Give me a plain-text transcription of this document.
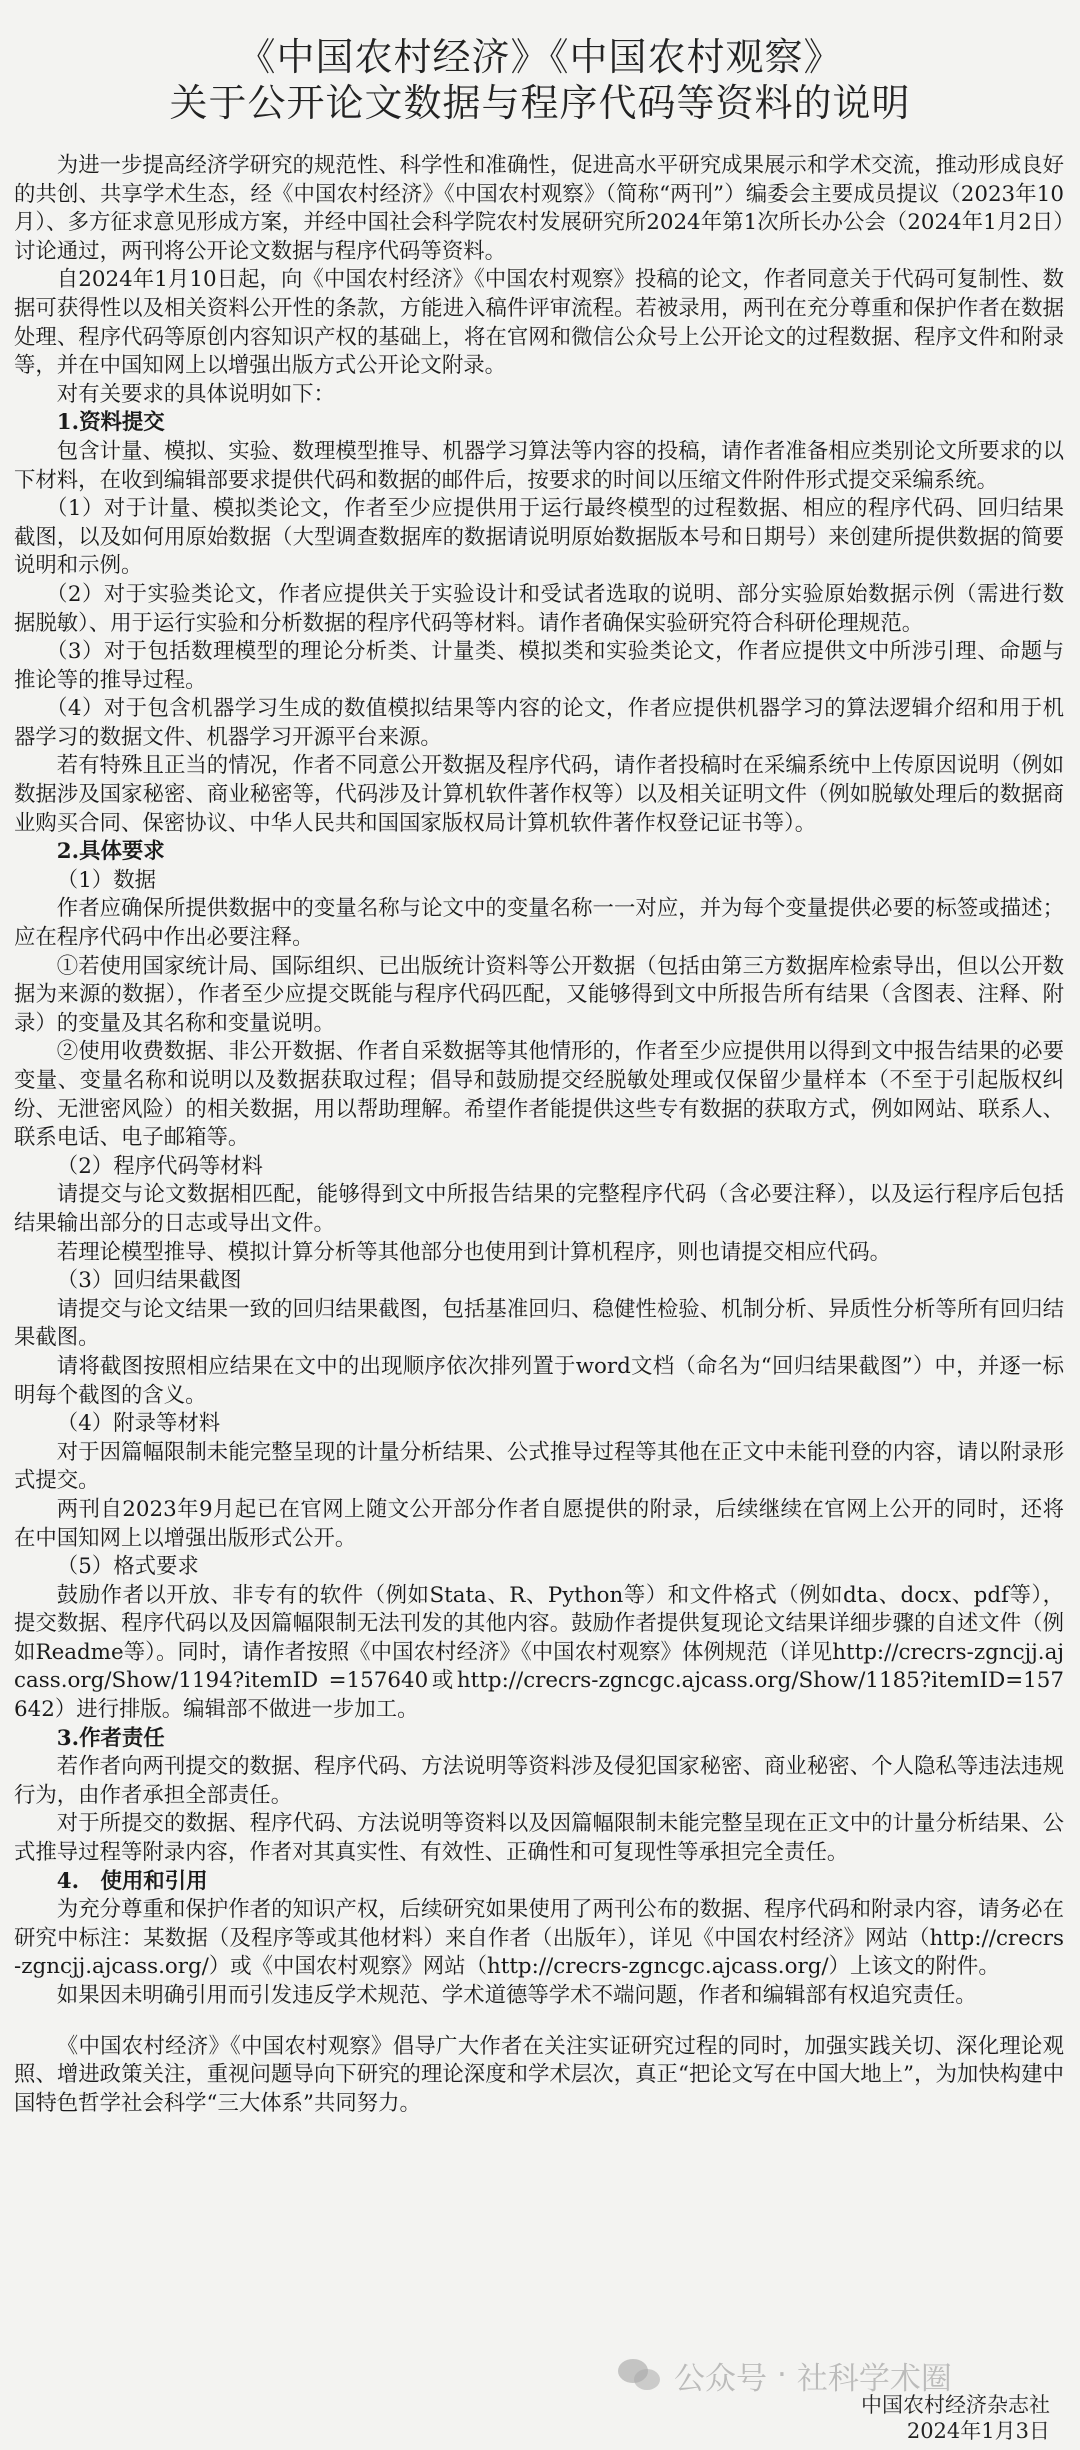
《中国农村经济》《中国农村观察》
关于公开论文数据与程序代码等资料的说明

为进一步提高经济学研究的规范性、科学性和准确性，促进高水平研究成果展示和学术交流，推动形成良好的共创、共享学术生态，经《中国农村经济》《中国农村观察》（简称“两刊”）编委会主要成员提议（2023年10月）、多方征求意见形成方案，并经中国社会科学院农村发展研究所2024年第1次所长办公会（2024年1月2日）讨论通过，两刊将公开论文数据与程序代码等资料。

自2024年1月10日起，向《中国农村经济》《中国农村观察》投稿的论文，作者同意关于代码可复制性、数据可获得性以及相关资料公开性的条款，方能进入稿件评审流程。若被录用，两刊在充分尊重和保护作者在数据处理、程序代码等原创内容知识产权的基础上，将在官网和微信公众号上公开论文的过程数据、程序文件和附录等，并在中国知网上以增强出版方式公开论文附录。

对有关要求的具体说明如下：

1.资料提交

包含计量、模拟、实验、数理模型推导、机器学习算法等内容的投稿，请作者准备相应类别论文所要求的以下材料，在收到编辑部要求提供代码和数据的邮件后，按要求的时间以压缩文件附件形式提交采编系统。

（1）对于计量、模拟类论文，作者至少应提供用于运行最终模型的过程数据、相应的程序代码、回归结果截图，以及如何用原始数据（大型调查数据库的数据请说明原始数据版本号和日期号）来创建所提供数据的简要说明和示例。

（2）对于实验类论文，作者应提供关于实验设计和受试者选取的说明、部分实验原始数据示例（需进行数据脱敏）、用于运行实验和分析数据的程序代码等材料。请作者确保实验研究符合科研伦理规范。

（3）对于包括数理模型的理论分析类、计量类、模拟类和实验类论文，作者应提供文中所涉引理、命题与推论等的推导过程。

（4）对于包含机器学习生成的数值模拟结果等内容的论文，作者应提供机器学习的算法逻辑介绍和用于机器学习的数据文件、机器学习开源平台来源。

若有特殊且正当的情况，作者不同意公开数据及程序代码，请作者投稿时在采编系统中上传原因说明（例如数据涉及国家秘密、商业秘密等，代码涉及计算机软件著作权等）以及相关证明文件（例如脱敏处理后的数据商业购买合同、保密协议、中华人民共和国国家版权局计算机软件著作权登记证书等）。

2.具体要求

（1）数据

作者应确保所提供数据中的变量名称与论文中的变量名称一一对应，并为每个变量提供必要的标签或描述；应在程序代码中作出必要注释。

①若使用国家统计局、国际组织、已出版统计资料等公开数据（包括由第三方数据库检索导出，但以公开数据为来源的数据），作者至少应提交既能与程序代码匹配，又能够得到文中所报告所有结果（含图表、注释、附录）的变量及其名称和变量说明。

②使用收费数据、非公开数据、作者自采数据等其他情形的，作者至少应提供用以得到文中报告结果的必要变量、变量名称和说明以及数据获取过程；倡导和鼓励提交经脱敏处理或仅保留少量样本（不至于引起版权纠纷、无泄密风险）的相关数据，用以帮助理解。希望作者能提供这些专有数据的获取方式，例如网站、联系人、联系电话、电子邮箱等。

（2）程序代码等材料

请提交与论文数据相匹配，能够得到文中所报告结果的完整程序代码（含必要注释），以及运行程序后包括结果输出部分的日志或导出文件。

若理论模型推导、模拟计算分析等其他部分也使用到计算机程序，则也请提交相应代码。

（3）回归结果截图

请提交与论文结果一致的回归结果截图，包括基准回归、稳健性检验、机制分析、异质性分析等所有回归结果截图。

请将截图按照相应结果在文中的出现顺序依次排列置于word文档（命名为“回归结果截图”）中，并逐一标明每个截图的含义。

（4）附录等材料

对于因篇幅限制未能完整呈现的计量分析结果、公式推导过程等其他在正文中未能刊登的内容，请以附录形式提交。

两刊自2023年9月起已在官网上随文公开部分作者自愿提供的附录，后续继续在官网上公开的同时，还将在中国知网上以增强出版形式公开。

（5）格式要求

鼓励作者以开放、非专有的软件（例如Stata、R、Python等）和文件格式（例如dta、docx、pdf等），提交数据、程序代码以及因篇幅限制无法刊发的其他内容。鼓励作者提供复现论文结果详细步骤的自述文件（例如Readme等）。同时，请作者按照《中国农村经济》《中国农村观察》体例规范（详见http://crecrs-zgncjj.ajcass.org/Show/1194?itemID =157640或http://crecrs-zgncgc.ajcass.org/Show/1185?itemID=157642）进行排版。编辑部不做进一步加工。

3.作者责任

若作者向两刊提交的数据、程序代码、方法说明等资料涉及侵犯国家秘密、商业秘密、个人隐私等违法违规行为，由作者承担全部责任。

对于所提交的数据、程序代码、方法说明等资料以及因篇幅限制未能完整呈现在正文中的计量分析结果、公式推导过程等附录内容，作者对其真实性、有效性、正确性和可复现性等承担完全责任。

4.　使用和引用

为充分尊重和保护作者的知识产权，后续研究如果使用了两刊公布的数据、程序代码和附录内容，请务必在研究中标注：某数据（及程序等或其他材料）来自作者（出版年），详见《中国农村经济》网站（http://crecrs-zgncjj.ajcass.org/）或《中国农村观察》网站（http://crecrs-zgncgc.ajcass.org/）上该文的附件。

如果因未明确引用而引发违反学术规范、学术道德等学术不端问题，作者和编辑部有权追究责任。

《中国农村经济》《中国农村观察》倡导广大作者在关注实证研究过程的同时，加强实践关切、深化理论观照、增进政策关注，重视问题导向下研究的理论深度和学术层次，真正“把论文写在中国大地上”，为加快构建中国特色哲学社会科学“三大体系”共同努力。

公众号 · 社科学术圈
中国农村经济杂志社
2024年1月3日
